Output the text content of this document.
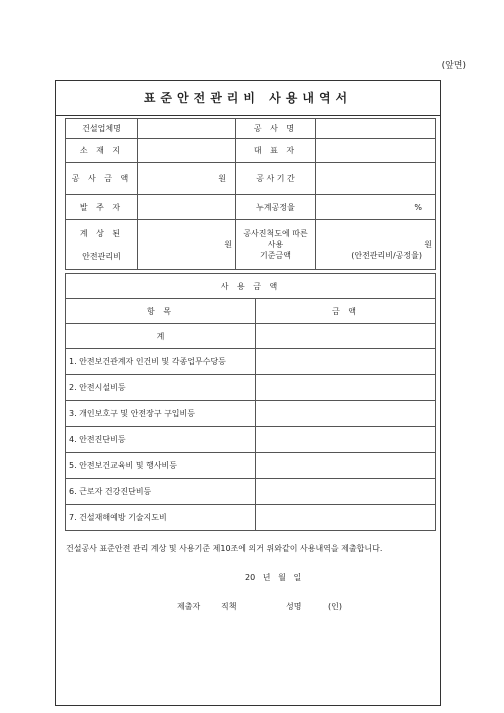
(앞면)
표준안전관리비 사용내역서
건설업체명		공 사 명	
소 재 지		대 표 자	
공 사 금 액	원	공 사 기 간	
발 주 자		누계공정율	%

계 상 된
안전관리비	원	공사진척도에 따른
사용
기준금액	원
(안전관리비/공정율)
사 용 금 액	
항 목	금 액
계	
1. 안전보건관계자 인건비 및 각종업무수당등	
2. 안전시설비등	
3. 개인보호구 및 안전장구 구입비등	
4. 안전진단비등	
5. 안전보건교육비 및 행사비등	
6. 근로자 건강진단비등	
7. 건설재해예방 기술지도비	
건설공사 표준안전 관리 계상 및 사용기준 제10조에 의거 위와같이 사용내역을 제출합니다.
20   년   월   일
제출자	직책	성명	(인)
